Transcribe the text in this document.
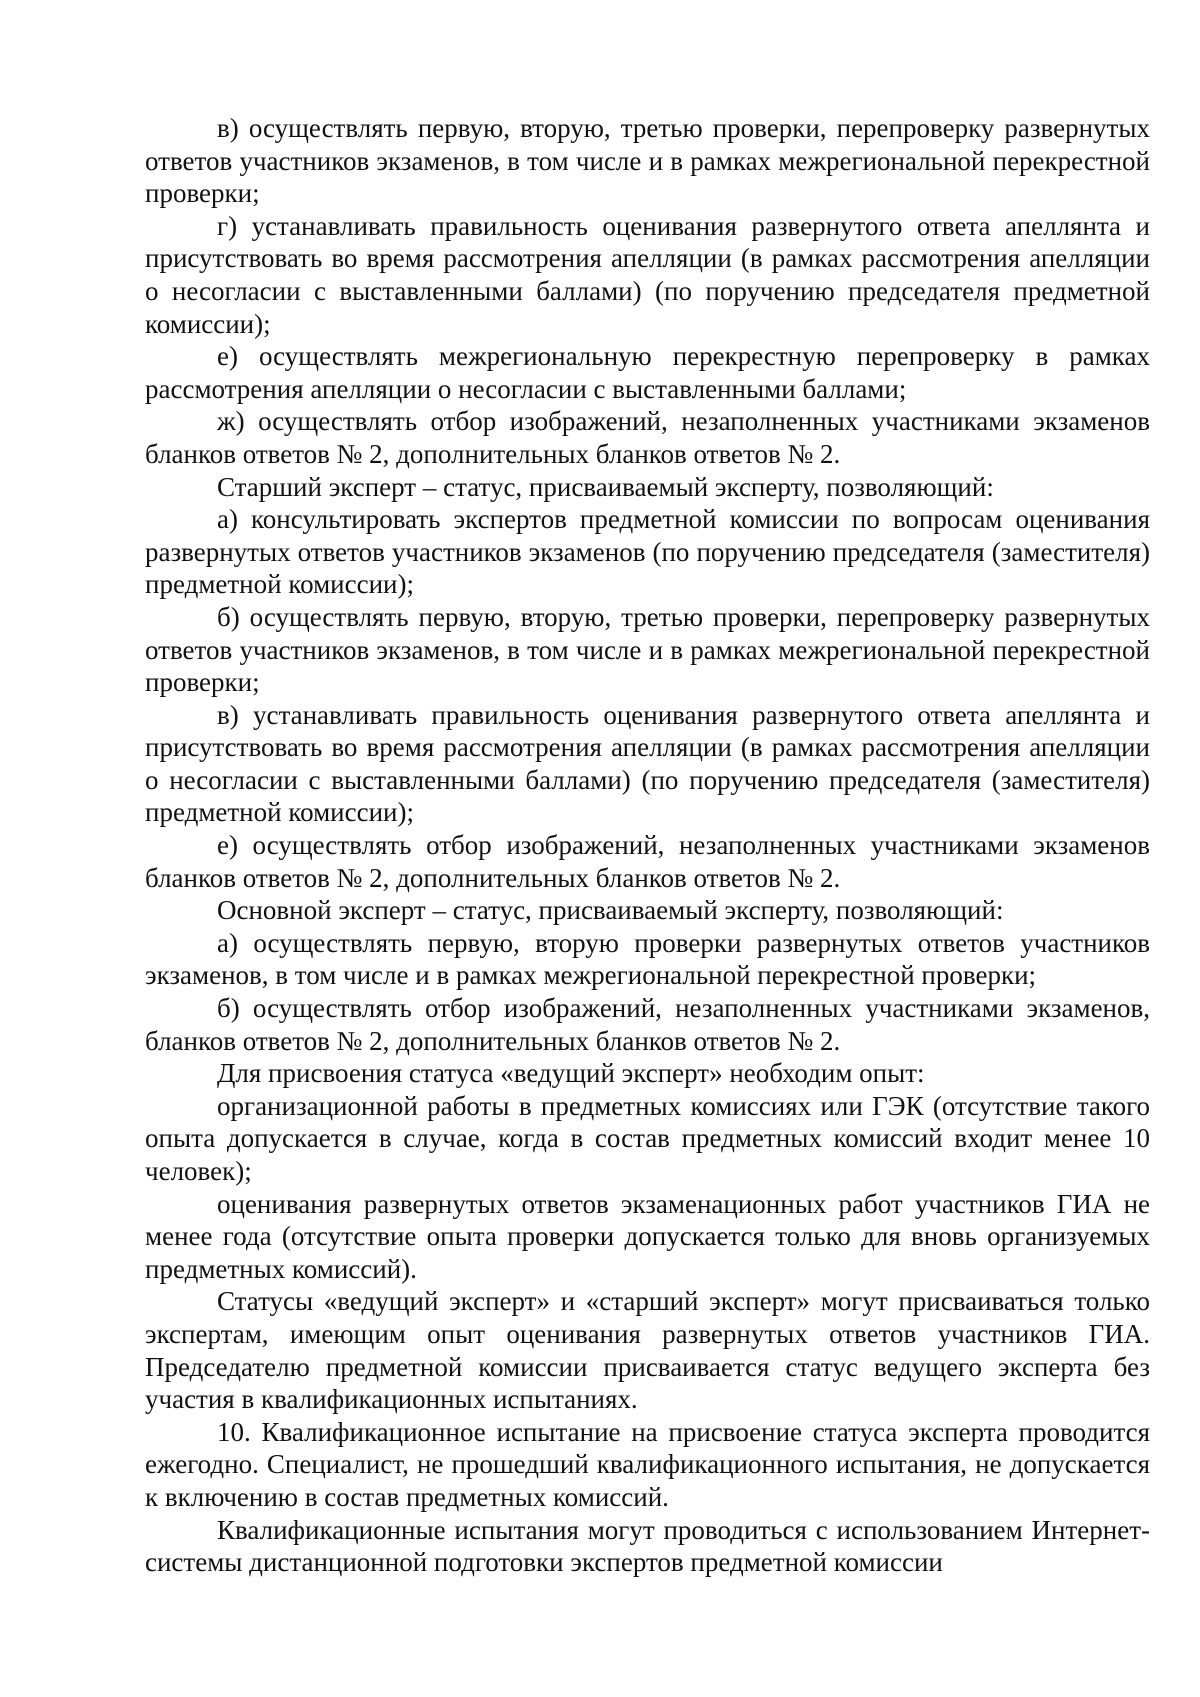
в) осуществлять первую, вторую, третью проверки, перепроверку развернутых ответов участников экзаменов, в том числе и в рамках межрегиональной перекрестной проверки;

г) устанавливать правильность оценивания развернутого ответа апеллянта и присутствовать во время рассмотрения апелляции (в рамках рассмотрения апелляции о несогласии с выставленными баллами) (по поручению председателя предметной комиссии);

е) осуществлять межрегиональную перекрестную перепроверку в рамках рассмотрения апелляции о несогласии с выставленными баллами;

ж) осуществлять отбор изображений, незаполненных участниками экзаменов бланков ответов № 2, дополнительных бланков ответов № 2.

Старший эксперт – статус, присваиваемый эксперту, позволяющий:

а) консультировать экспертов предметной комиссии по вопросам оценивания развернутых ответов участников экзаменов (по поручению председателя (заместителя) предметной комиссии);

б) осуществлять первую, вторую, третью проверки, перепроверку развернутых ответов участников экзаменов, в том числе и в рамках межрегиональной перекрестной проверки;

в) устанавливать правильность оценивания развернутого ответа апеллянта и присутствовать во время рассмотрения апелляции (в рамках рассмотрения апелляции о несогласии с выставленными баллами) (по поручению председателя (заместителя) предметной комиссии);

е) осуществлять отбор изображений, незаполненных участниками экзаменов бланков ответов № 2, дополнительных бланков ответов № 2.

Основной эксперт – статус, присваиваемый эксперту, позволяющий:

а) осуществлять первую, вторую проверки развернутых ответов участников экзаменов, в том числе и в рамках межрегиональной перекрестной проверки;

б) осуществлять отбор изображений, незаполненных участниками экзаменов, бланков ответов № 2, дополнительных бланков ответов № 2.

Для присвоения статуса «ведущий эксперт» необходим опыт:

организационной работы в предметных комиссиях или ГЭК (отсутствие такого опыта допускается в случае, когда в состав предметных комиссий входит менее 10 человек);

оценивания развернутых ответов экзаменационных работ участников ГИА не менее года (отсутствие опыта проверки допускается только для вновь организуемых предметных комиссий).

Статусы «ведущий эксперт» и «старший эксперт» могут присваиваться только экспертам, имеющим опыт оценивания развернутых ответов участников ГИА. Председателю предметной комиссии присваивается статус ведущего эксперта без участия в квалификационных испытаниях.

10. Квалификационное испытание на присвоение статуса эксперта проводится ежегодно. Специалист, не прошедший квалификационного испытания, не допускается к включению в состав предметных комиссий.

Квалификационные испытания могут проводиться с использованием Интернет-системы дистанционной подготовки экспертов предметной комиссии
